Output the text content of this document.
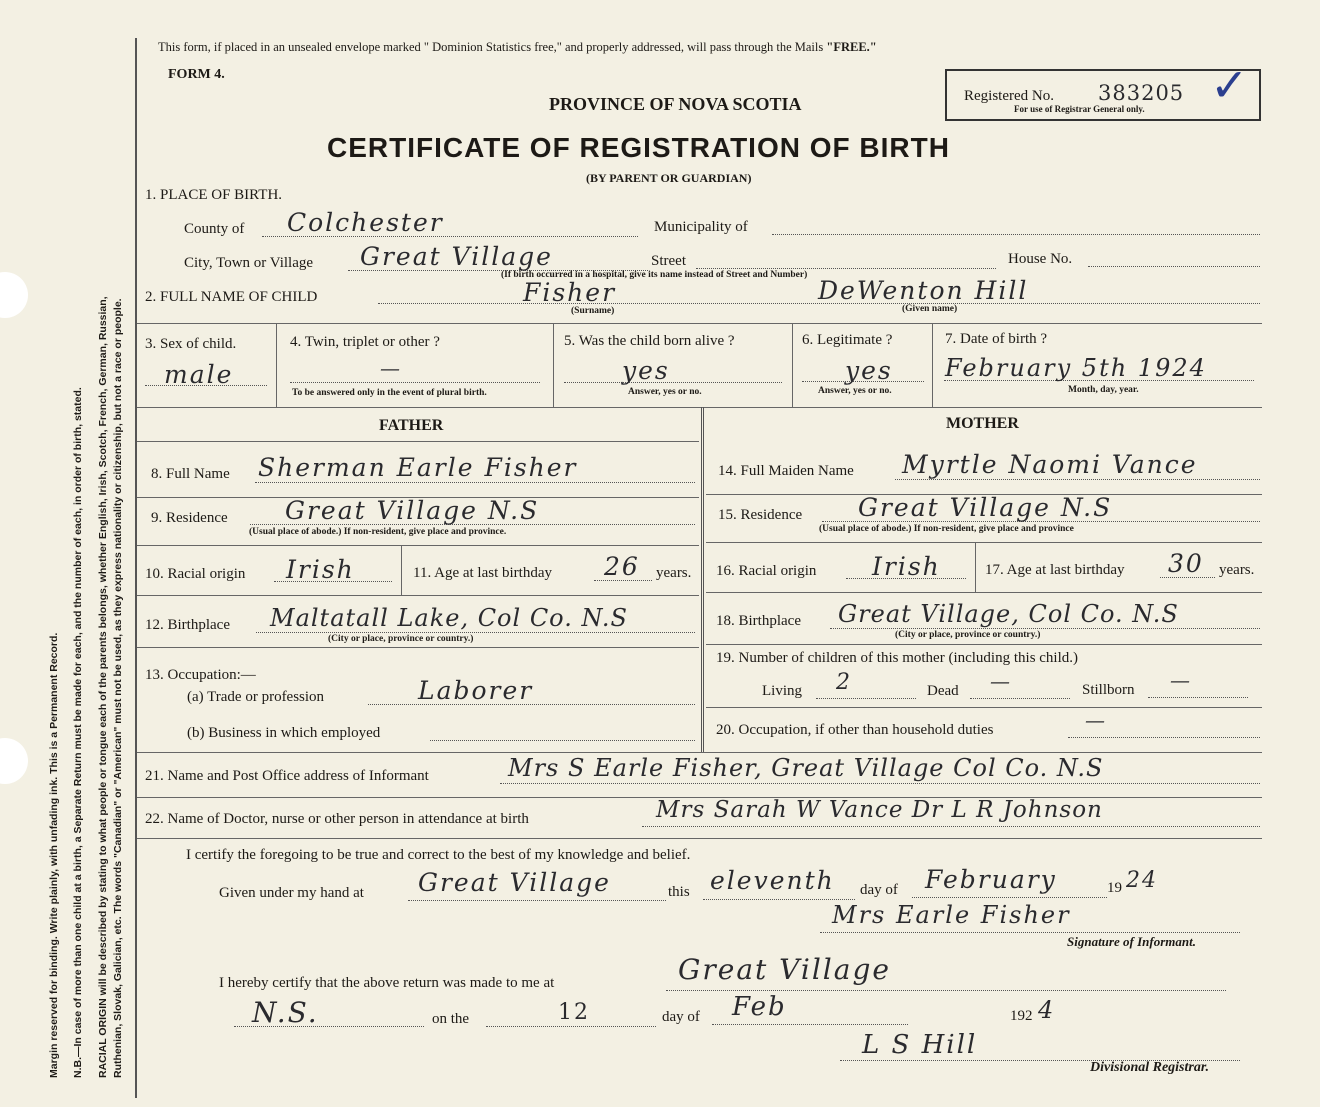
Margin reserved for binding. Write plainly, with unfading ink. This is a Permanent Record. N.B.—In case of more than one child at a birth, a Separate Return must be made for each, and the number of each, in order of birth, stated. RACIAL ORIGIN will be described by stating to what people or tongue each of the parents belongs, whether English, Irish, Scotch, French, German, Russian, Ruthenian, Slovak, Galician, etc. The words "Canadian" or "American" must not be used, as they express nationality or citizenship, but not a race or people.
This form, if placed in an unsealed envelope marked " Dominion Statistics free," and properly addressed, will pass through the Mails "FREE."
FORM 4.
PROVINCE OF NOVA SCOTIA
CERTIFICATE OF REGISTRATION OF BIRTH
(BY PARENT OR GUARDIAN)
Registered No. 383205
For use of Registrar General only. ✓
1. PLACE OF BIRTH.
County of Colchester	Municipality of
City, Town or Village Great Village	Street	House No.
(If birth occurred in a hospital, give its name instead of Street and Number)
2. FULL NAME OF CHILD	Fisher
(Surname)
DeWenton Hill
(Given name)
3. Sex of child.
male
4. Twin, triplet or other ?
—
To be answered only in the event of plural birth.
5. Was the child born alive ?
yes
Answer, yes or no.
6. Legitimate ?
yes
Answer, yes or no.
7. Date of birth ?
February 5th 1924
Month, day, year.
FATHER	MOTHER
8. Full Name Sherman Earle Fisher
9. Residence Great Village N.S
(Usual place of abode.) If non-resident, give place and province.
10. Racial origin Irish	11. Age at last birthday 26 years.
12. Birthplace Maltatall Lake, Col Co. N.S
(City or place, province or country.)
13. Occupation:—
(a) Trade or profession	Laborer
(b) Business in which employed
14. Full Maiden Name Myrtle Naomi Vance
15. Residence Great Village N.S
(Usual place of abode.) If non-resident, give place and province
16. Racial origin Irish	17. Age at last birthday 30 years.
18. Birthplace Great Village, Col Co. N.S
(City or place, province or country.)
19. Number of children of this mother (including this child.)
Living 2	Dead —	Stillborn —
20. Occupation, if other than household duties	—
21. Name and Post Office address of Informant	Mrs S Earle Fisher, Great Village Col Co. N.S
22. Name of Doctor, nurse or other person in attendance at birth	Mrs Sarah W Vance Dr L R Johnson
I certify the foregoing to be true and correct to the best of my knowledge and belief.
Given under my hand at Great Village	this eleventh day of February	19 24
Mrs Earle Fisher
Signature of Informant.
I hereby certify that the above return was made to me at	Great Village
N.S.	on the	12	day of Feb	192 4
L S Hill
Divisional Registrar.
